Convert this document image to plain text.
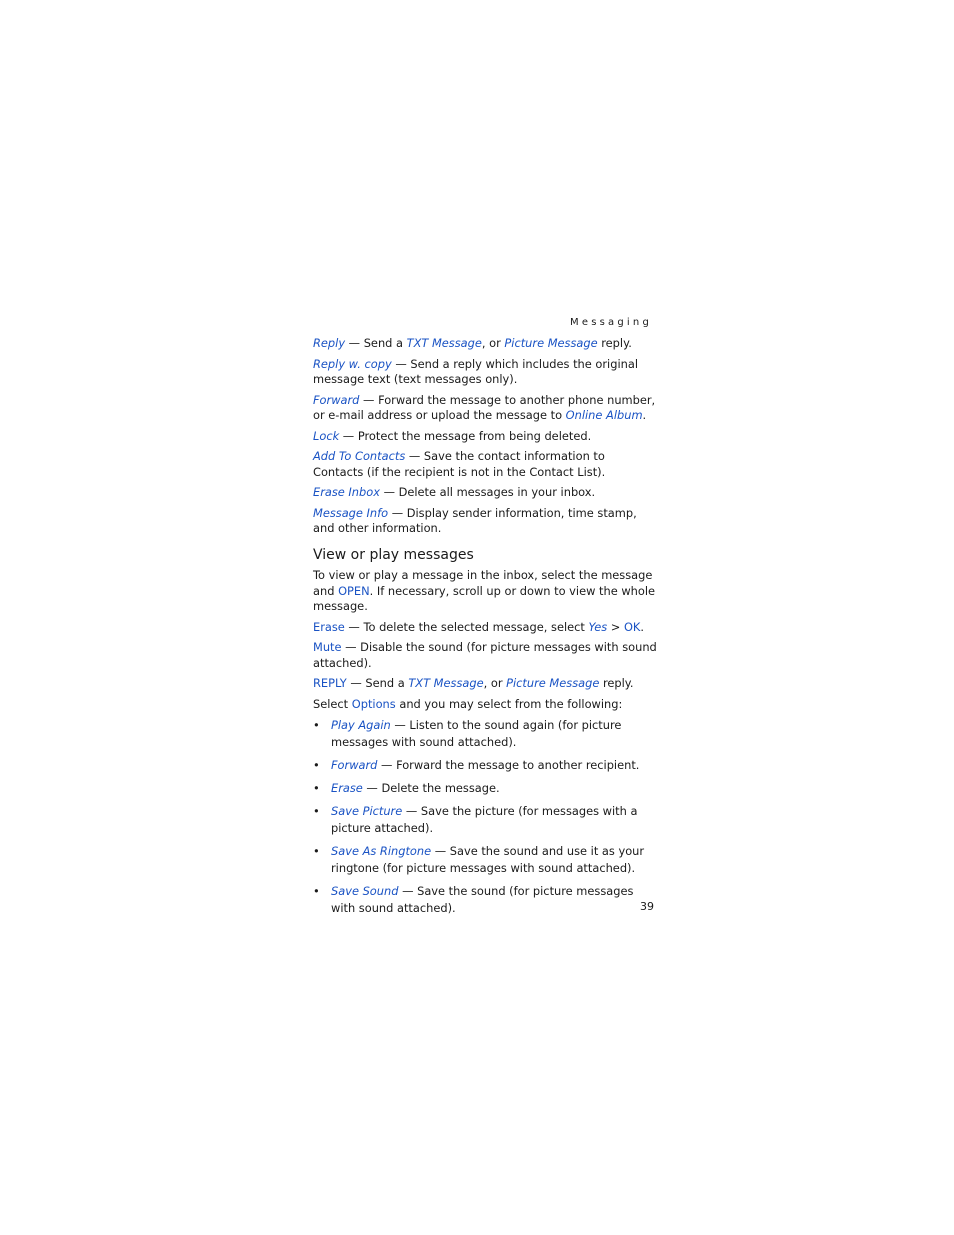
Messaging

Reply — Send a TXT Message, or Picture Message reply.

Reply w. copy — Send a reply which includes the original message text (text messages only).

Forward — Forward the message to another phone number, or e-mail address or upload the message to Online Album.

Lock — Protect the message from being deleted.

Add To Contacts — Save the contact information to Contacts (if the recipient is not in the Contact List).

Erase Inbox — Delete all messages in your inbox.

Message Info — Display sender information, time stamp, and other information.

View or play messages

To view or play a message in the inbox, select the message and OPEN. If necessary, scroll up or down to view the whole message.

Erase — To delete the selected message, select Yes > OK.

Mute — Disable the sound (for picture messages with sound attached).

REPLY — Send a TXT Message, or Picture Message reply.

Select Options and you may select from the following:

• Play Again — Listen to the sound again (for picture messages with sound attached).
• Forward — Forward the message to another recipient.
• Erase — Delete the message.
• Save Picture — Save the picture (for messages with a picture attached).
• Save As Ringtone — Save the sound and use it as your ringtone (for picture messages with sound attached).
• Save Sound — Save the sound (for picture messages with sound attached).	39
